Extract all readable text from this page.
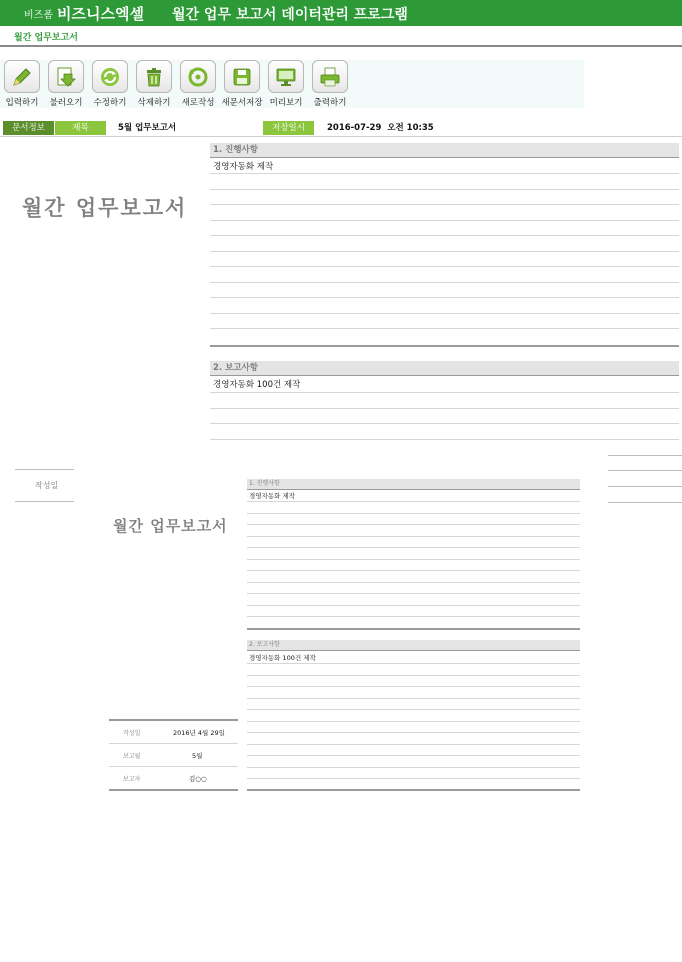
비즈폼 비즈니스엑셀 월간 업무 보고서 데이터관리 프로그램
월간 업무보고서
입력하기	불러오기	수정하기	삭제하기	새로작성 새문서저장 미리보기	출력하기
문서정보	제목	5월 업무보고서	저장일시	2016-07-29  오전 10:35
월간 업무보고서
1. 진행사항
경영자동화 제작
2. 보고사항
경영자동화 100건 제작
작성일
월간 업무보고서
1. 진행사항
경영자동화 제작
2. 보고사항
경영자동화 100건 제작
작성일	2016년 4월 29일
보고월	5월
보고자	김○○
